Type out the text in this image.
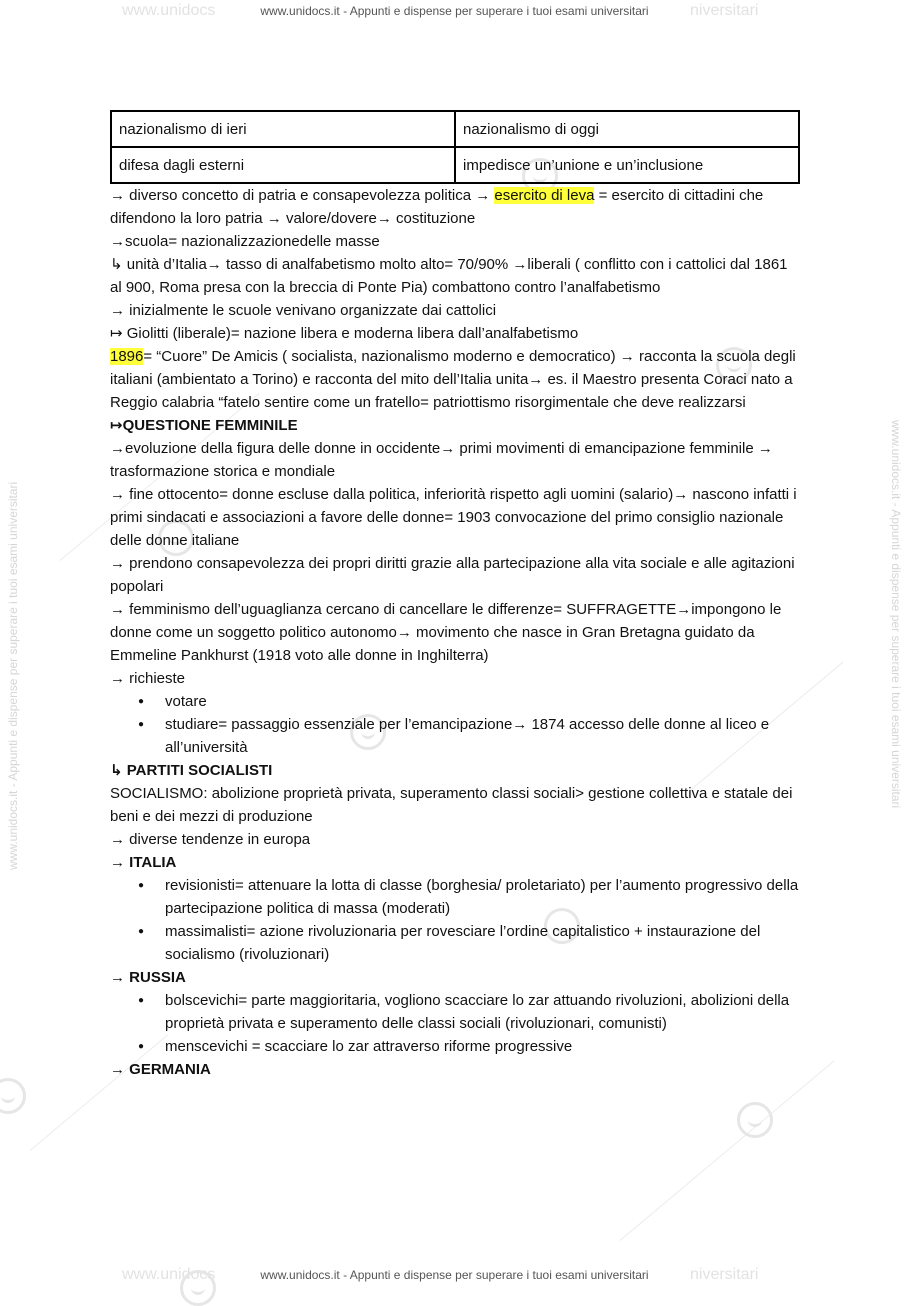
www.unidocs	niversitari
www.unidocs	niversitari
www.unidocs.it - Appunti e dispense per superare i tuoi esami universitari
www.unidocs.it - Appunti e dispense per superare i tuoi esami universitari
www.unidocs.it - Appunti e dispense per superare i tuoi esami universitari	www.unidocs.it - Appunti e dispense per superare i tuoi esami universitari
nazionalismo di ieri	nazionalismo di oggi
difesa dagli esterni	impedisce un’unione e un’inclusione

→ diverso concetto di patria e consapevolezza politica → esercito di leva = esercito di cittadini che difendono la loro patria → valore/dovere→ costituzione

→scuola= nazionalizzazionedelle masse

↳ unità d’Italia→ tasso di analfabetismo molto alto= 70/90% →liberali ( conflitto con i cattolici dal 1861 al 900, Roma presa con la breccia di Ponte Pia) combattono contro l’analfabetismo

→ inizialmente le scuole venivano organizzate dai cattolici

↦ Giolitti (liberale)= nazione libera e moderna libera dall’analfabetismo

1896= “Cuore” De Amicis ( socialista, nazionalismo moderno e democratico) → racconta la scuola degli italiani (ambientato a Torino) e racconta del mito dell’Italia unita→ es. il Maestro presenta Coraci nato a Reggio calabria “fatelo sentire come un fratello= patriottismo risorgimentale che deve realizzarsi

↦QUESTIONE FEMMINILE

→evoluzione della figura delle donne in occidente→ primi movimenti di emancipazione femminile → trasformazione storica e mondiale

→ fine ottocento= donne escluse dalla politica, inferiorità rispetto agli uomini (salario)→ nascono infatti i primi sindacati e associazioni a favore delle donne= 1903 convocazione del primo consiglio nazionale delle donne italiane

→ prendono consapevolezza dei propri diritti grazie alla partecipazione alla vita sociale e alle agitazioni popolari

→ femminismo dell’uguaglianza cercano di cancellare le differenze= SUFFRAGETTE→impongono le donne come un soggetto politico autonomo→ movimento che nasce in Gran Bretagna guidato da Emmeline Pankhurst (1918 voto alle donne in Inghilterra)

→ richieste

● votare
● studiare= passaggio essenziale per l’emancipazione→ 1874 accesso delle donne al liceo e all’università

↳ PARTITI SOCIALISTI

SOCIALISMO: abolizione proprietà privata, superamento classi sociali> gestione collettiva e statale dei beni e dei mezzi di produzione

→ diverse tendenze in europa

→ ITALIA

● revisionisti= attenuare la lotta di classe (borghesia/ proletariato) per l’aumento progressivo della partecipazione politica di massa (moderati)
● massimalisti= azione rivoluzionaria per rovesciare l’ordine capitalistico + instaurazione del socialismo (rivoluzionari)

→ RUSSIA

● bolscevichi= parte maggioritaria, vogliono scacciare lo zar attuando rivoluzioni, abolizioni della proprietà privata e superamento delle classi sociali (rivoluzionari, comunisti)
● menscevichi = scacciare lo zar attraverso riforme progressive

→ GERMANIA
